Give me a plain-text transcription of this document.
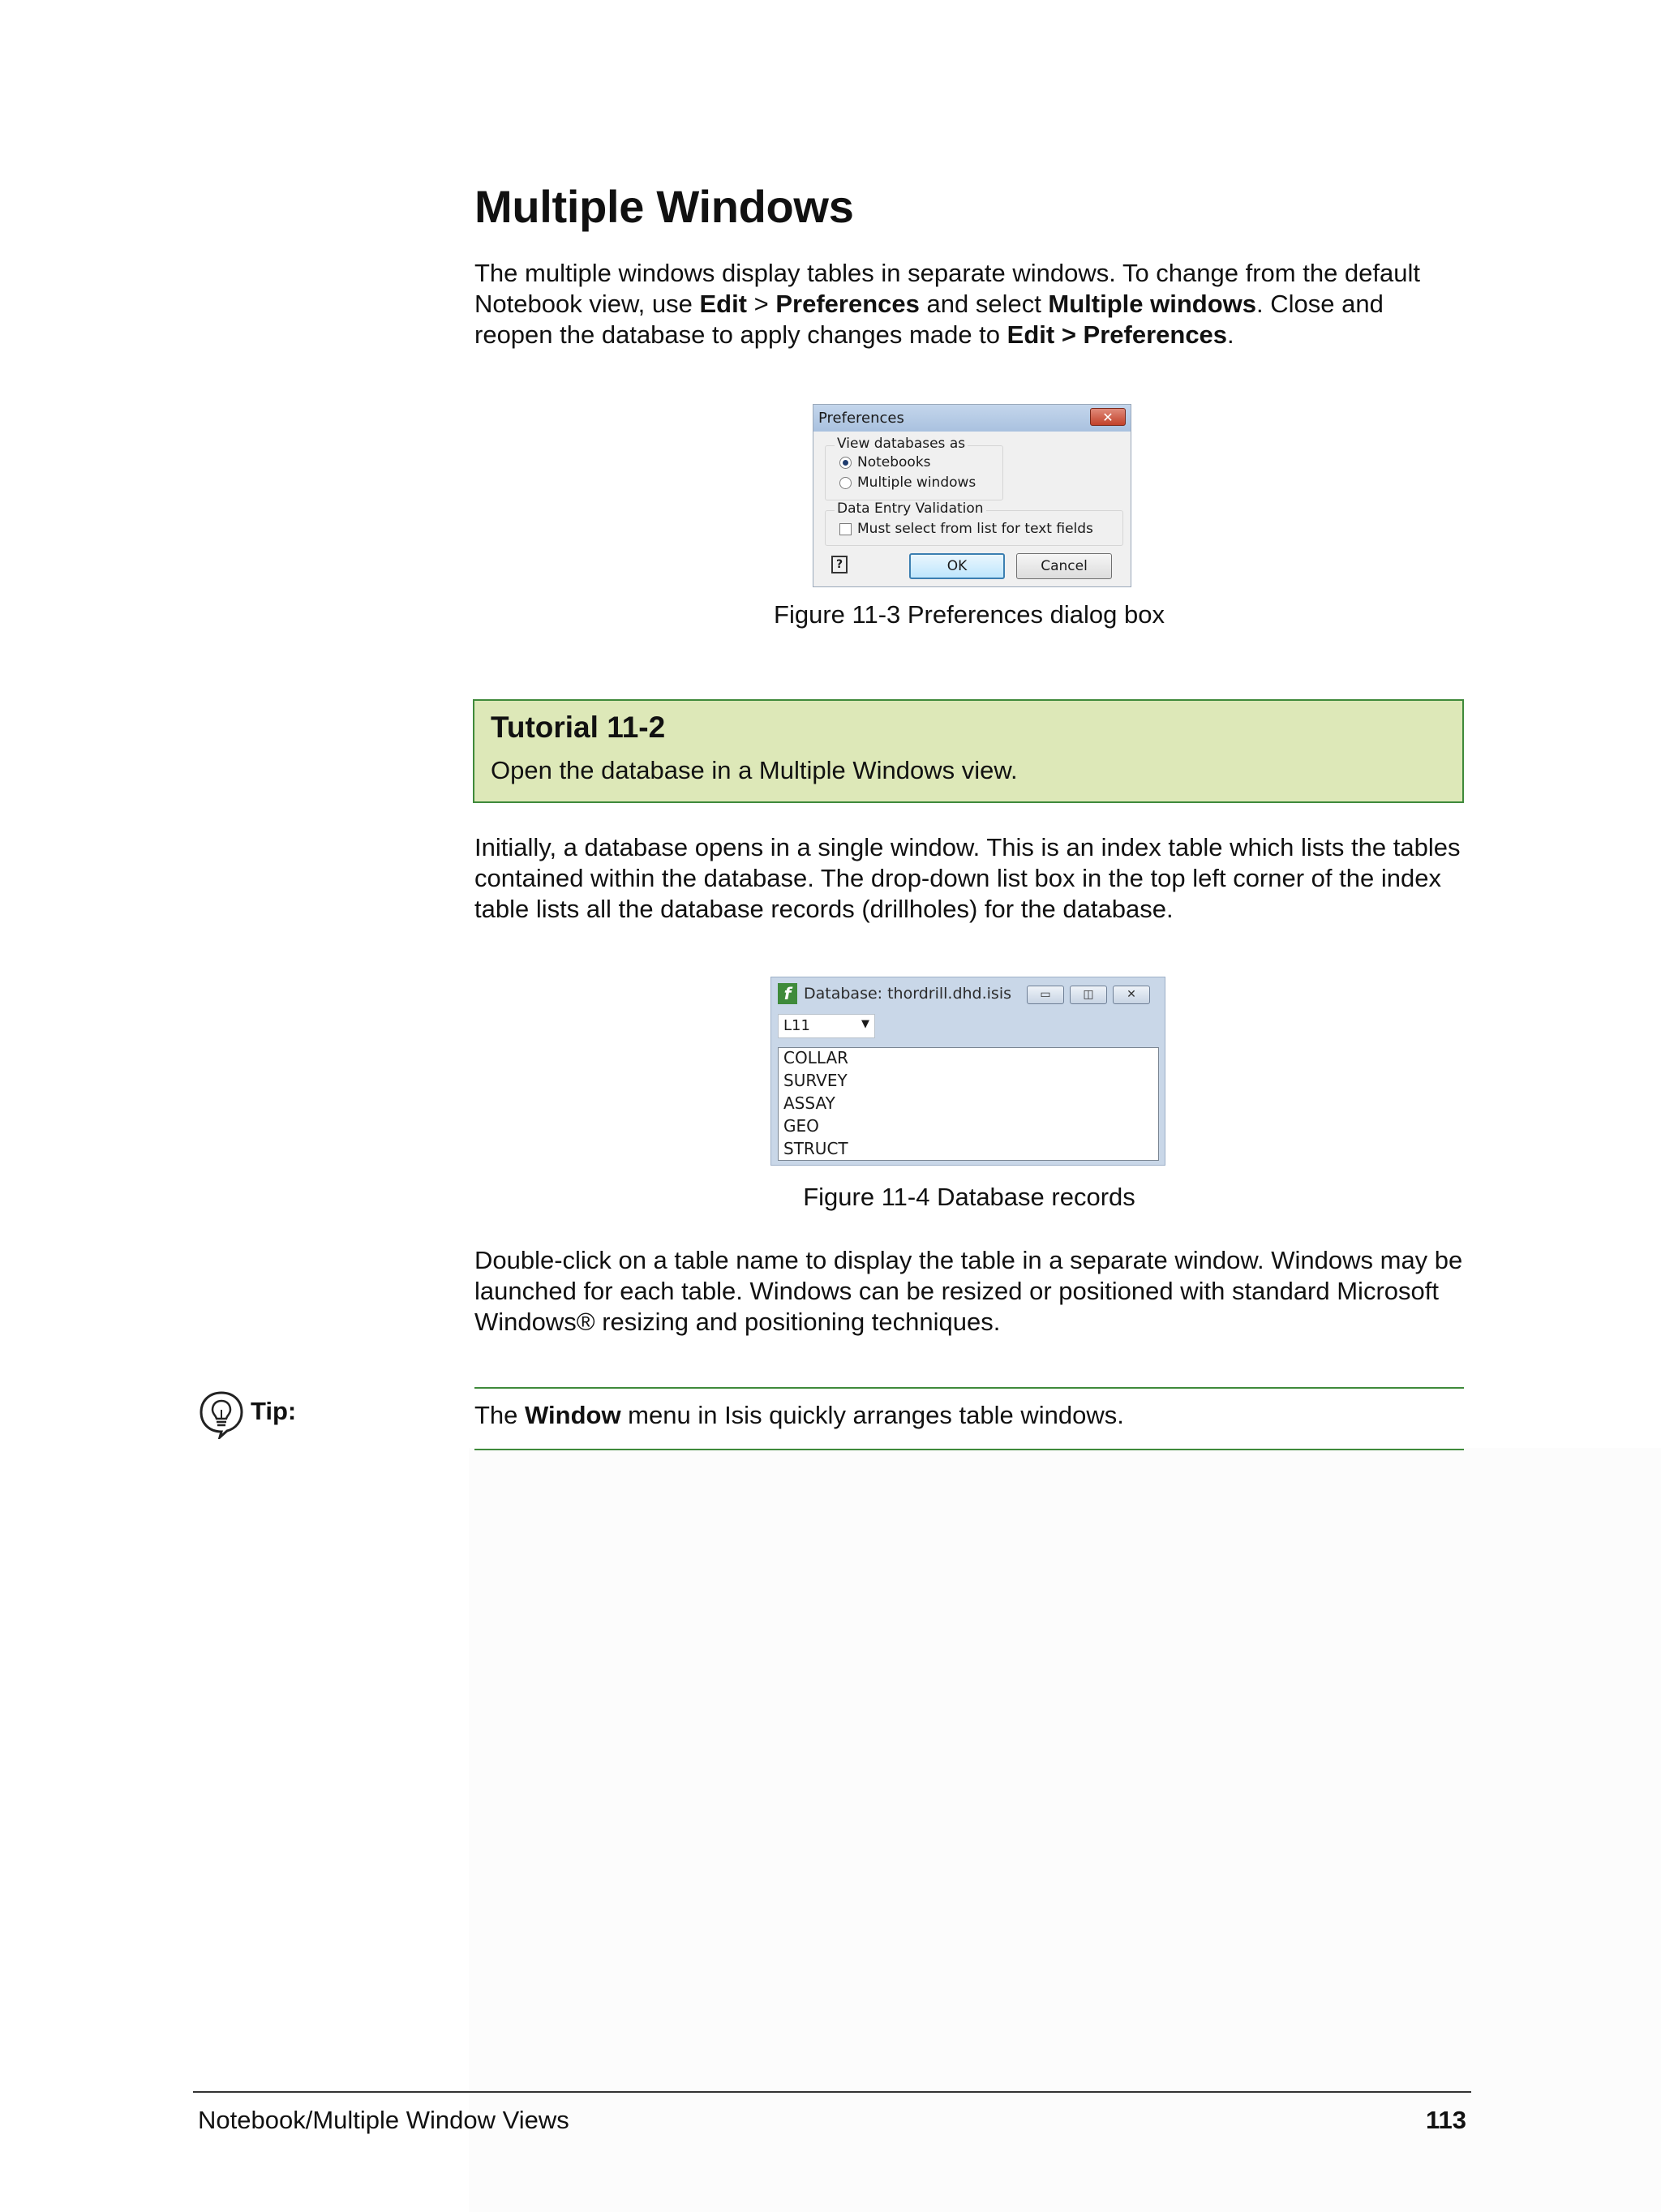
Multiple Windows

The multiple windows display tables in separate windows. To change from the default Notebook view, use Edit > Preferences and select Multiple windows. Close and reopen the database to apply changes made to Edit > Preferences.

Preferences	✕
View databases as
Notebooks
Multiple windows
Data Entry Validation
Must select from list for text fields
?	OK	Cancel
Figure 11-3 Preferences dialog box

Tutorial 11-2

Open the database in a Multiple Windows view.

Initially, a database opens in a single window. This is an index table which lists the tables contained within the database. The drop-down list box in the top left corner of the index table lists all the database records (drillholes) for the database.

f Database: thordrill.dhd.isis	▭	◫	✕
L11	▼
COLLAR
SURVEY
ASSAY
GEO
STRUCT
Figure 11-4 Database records

Double-click on a table name to display the table in a separate window. Windows may be launched for each table. Windows can be resized or positioned with standard Microsoft Windows® resizing and positioning techniques.

Tip:	The Window menu in Isis quickly arranges table windows.
Notebook/Multiple Window Views	113
